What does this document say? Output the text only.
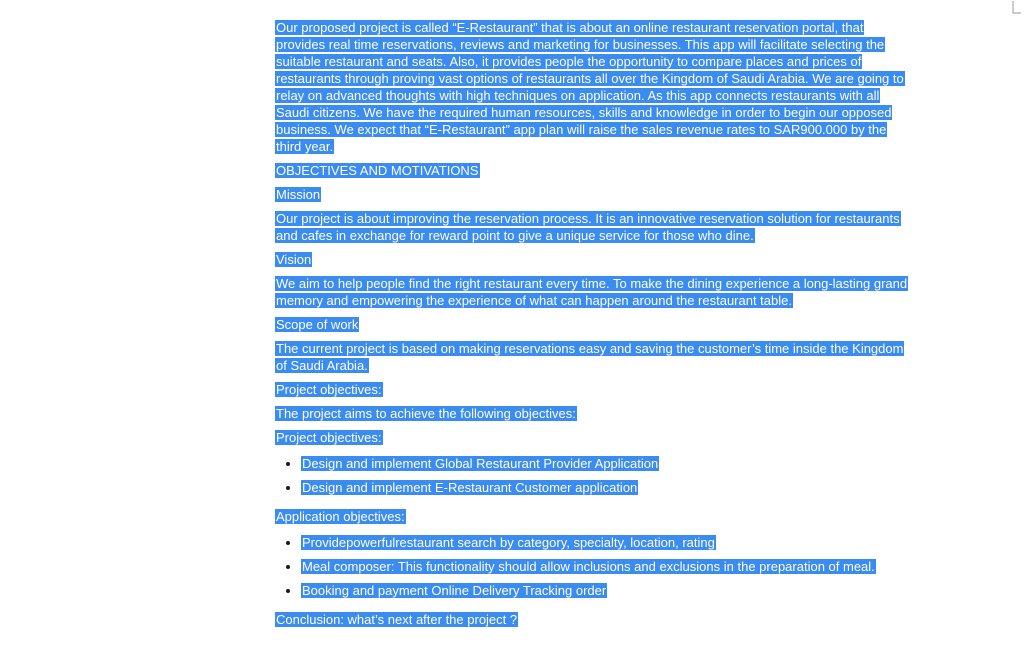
Our proposed project is called “E-Restaurant” that is about an online restaurant reservation portal, that provides real time reservations, reviews and marketing for businesses. This app will facilitate selecting the suitable restaurant and seats. Also, it provides people the opportunity to compare places and prices of restaurants through proving vast options of restaurants all over the Kingdom of Saudi Arabia. We are going to relay on advanced thoughts with high techniques on application. As this app connects restaurants with all Saudi citizens. We have the required human resources, skills and knowledge in order to begin our opposed business. We expect that “E-Restaurant” app plan will raise the sales revenue rates to SAR900.000 by the third year.

OBJECTIVES AND MOTIVATIONS

Mission

Our project is about improving the reservation process. It is an innovative reservation solution for restaurants and cafes in exchange for reward point to give a unique service for those who dine.

Vision

We aim to help people find the right restaurant every time. To make the dining experience a long-lasting grand memory and empowering the experience of what can happen around the restaurant table.

Scope of work

The current project is based on making reservations easy and saving the customer’s time inside the Kingdom of Saudi Arabia.

Project objectives:

The project aims to achieve the following objectives:

Project objectives:

• Design and implement Global Restaurant Provider Application
• Design and implement E-Restaurant Customer application

Application objectives:

• Providepowerfulrestaurant search by category, specialty, location, rating
• Meal composer: This functionality should allow inclusions and exclusions in the preparation of meal.
• Booking and payment Online Delivery Tracking order

Conclusion: what’s next after the project ?
